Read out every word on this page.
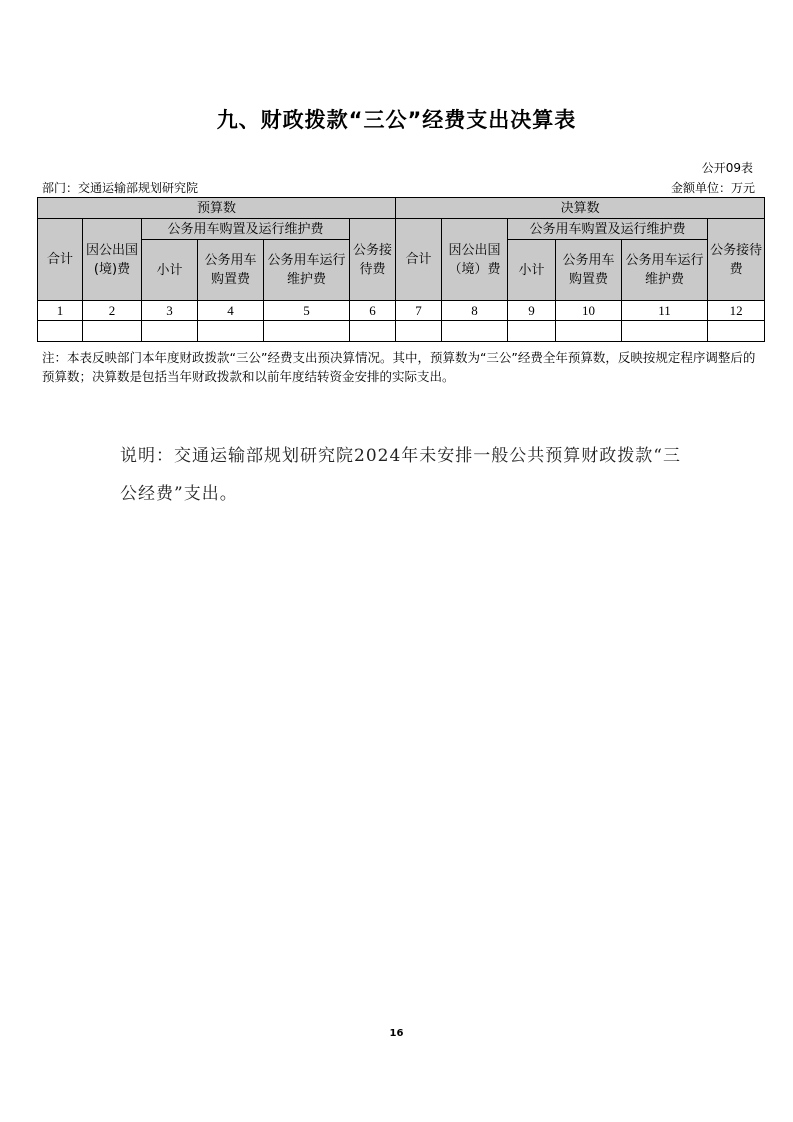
九、财政拨款“三公”经费支出决算表
公开09表
部门：交通运输部规划研究院	金额单位：万元
预算数						决算数					
合计	因公出国(境)费	公务用车购置及运行维护费			公务接待费	合计	因公出国（境）费	公务用车购置及运行维护费			公务接待费
		小计	公务用车购置费	公务用车运行维护费				小计	公务用车购置费	公务用车运行维护费	
1	2	3	4	5	6	7	8	9	10	11	12

注：本表反映部门本年度财政拨款“三公”经费支出预决算情况。其中，预算数为“三公”经费全年预算数，反映按规定程序调整后的预算数；决算数是包括当年财政拨款和以前年度结转资金安排的实际支出。
说明：交通运输部规划研究院2024年未安排一般公共预算财政拨款“三公经费”支出。
16
